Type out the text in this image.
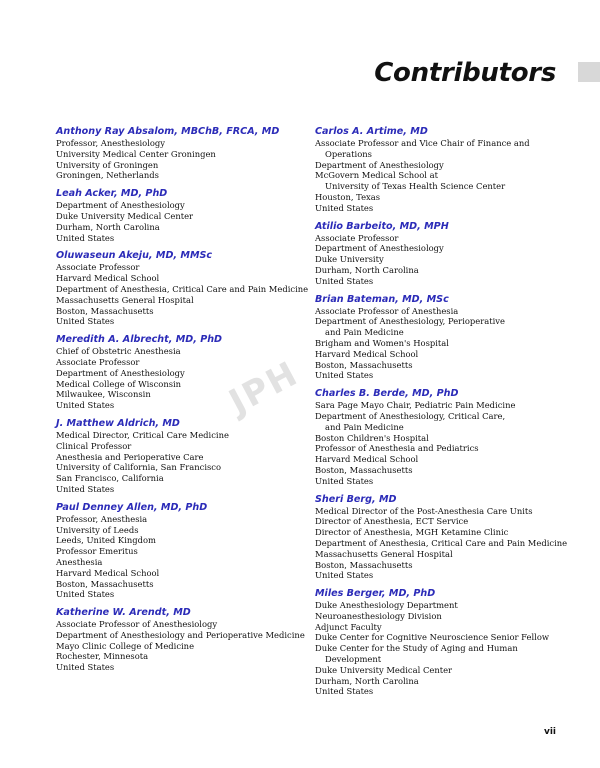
Contributors
Anthony Ray Absalom, MBChB, FRCA, MD
Professor, Anesthesiology
University Medical Center Groningen
University of Groningen
Groningen, Netherlands
Leah Acker, MD, PhD
Department of Anesthesiology
Duke University Medical Center
Durham, North Carolina
United States
Oluwaseun Akeju, MD, MMSc
Associate Professor
Harvard Medical School
Department of Anesthesia, Critical Care and Pain Medicine
Massachusetts General Hospital
Boston, Massachusetts
United States
Meredith A. Albrecht, MD, PhD
Chief of Obstetric Anesthesia
Associate Professor
Department of Anesthesiology
Medical College of Wisconsin
Milwaukee, Wisconsin
United States
J. Matthew Aldrich, MD
Medical Director, Critical Care Medicine
Clinical Professor
Anesthesia and Perioperative Care
University of California, San Francisco
San Francisco, California
United States
Paul Denney Allen, MD, PhD
Professor, Anesthesia
University of Leeds
Leeds, United Kingdom
Professor Emeritus
Anesthesia
Harvard Medical School
Boston, Massachusetts
United States
Katherine W. Arendt, MD
Associate Professor of Anesthesiology
Department of Anesthesiology and Perioperative Medicine
Mayo Clinic College of Medicine
Rochester, Minnesota
United States
Carlos A. Artime, MD
Associate Professor and Vice Chair of Finance and
Operations
Department of Anesthesiology
McGovern Medical School at
University of Texas Health Science Center
Houston, Texas
United States
Atilio Barbeito, MD, MPH
Associate Professor
Department of Anesthesiology
Duke University
Durham, North Carolina
United States
Brian Bateman, MD, MSc
Associate Professor of Anesthesia
Department of Anesthesiology, Perioperative
and Pain Medicine
Brigham and Women's Hospital
Harvard Medical School
Boston, Massachusetts
United States
Charles B. Berde, MD, PhD
Sara Page Mayo Chair, Pediatric Pain Medicine
Department of Anesthesiology, Critical Care,
and Pain Medicine
Boston Children's Hospital
Professor of Anesthesia and Pediatrics
Harvard Medical School
Boston, Massachusetts
United States
Sheri Berg, MD
Medical Director of the Post-Anesthesia Care Units
Director of Anesthesia, ECT Service
Director of Anesthesia, MGH Ketamine Clinic
Department of Anesthesia, Critical Care and Pain Medicine
Massachusetts General Hospital
Boston, Massachusetts
United States
Miles Berger, MD, PhD
Duke Anesthesiology Department
Neuroanesthesiology Division
Adjunct Faculty
Duke Center for Cognitive Neuroscience Senior Fellow
Duke Center for the Study of Aging and Human
Development
Duke University Medical Center
Durham, North Carolina
United States
JPH
vii
